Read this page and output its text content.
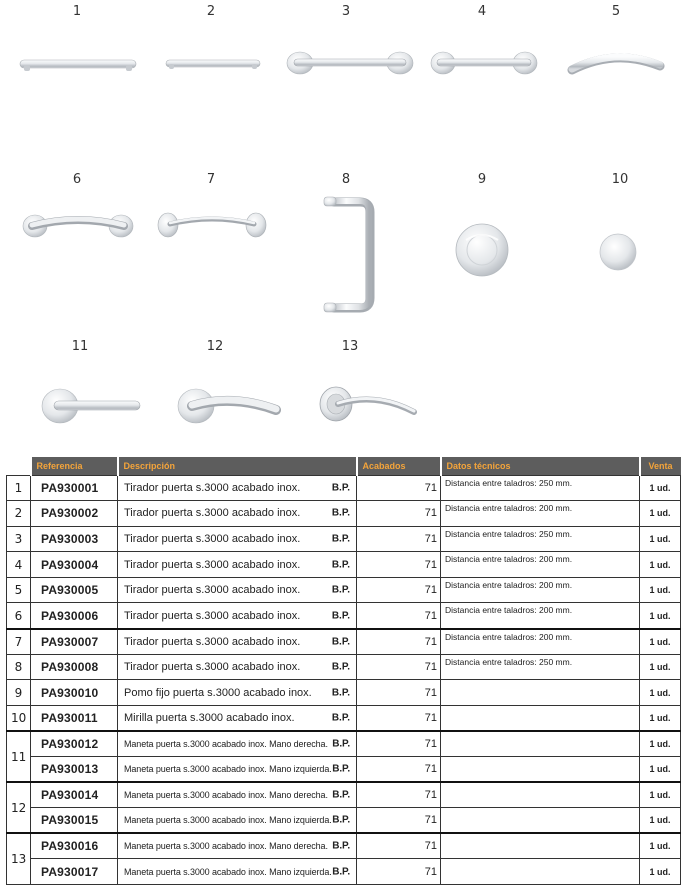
1	2	3	4	5
6	7	8	9	10
11	12	13
	Referencia	Descripción	Acabados	Datos técnicos	Venta
1	PA930001	Tirador puerta s.3000 acabado inox. B.P.	71	Distancia entre taladros: 250 mm.	1 ud.
2	PA930002	Tirador puerta s.3000 acabado inox. B.P.	71	Distancia entre taladros: 200 mm.	1 ud.
3	PA930003	Tirador puerta s.3000 acabado inox. B.P.	71	Distancia entre taladros: 250 mm.	1 ud.
4	PA930004	Tirador puerta s.3000 acabado inox. B.P.	71	Distancia entre taladros: 200 mm.	1 ud.
5	PA930005	Tirador puerta s.3000 acabado inox. B.P.	71	Distancia entre taladros: 200 mm.	1 ud.
6	PA930006	Tirador puerta s.3000 acabado inox. B.P.	71	Distancia entre taladros: 200 mm.	1 ud.
7	PA930007	Tirador puerta s.3000 acabado inox. B.P.	71	Distancia entre taladros: 200 mm.	1 ud.
8	PA930008	Tirador puerta s.3000 acabado inox. B.P.	71	Distancia entre taladros: 250 mm.	1 ud.
9	PA930010	Pomo fijo puerta s.3000 acabado inox. B.P.	71		1 ud.
10	PA930011	Mirilla puerta s.3000 acabado inox. B.P.	71		1 ud.
11	PA930012	Maneta puerta s.3000 acabado inox. Mano derecha. B.P.	71		1 ud.
	PA930013	Maneta puerta s.3000 acabado inox. Mano izquierda. B.P.	71		1 ud.
12	PA930014	Maneta puerta s.3000 acabado inox. Mano derecha. B.P.	71		1 ud.
	PA930015	Maneta puerta s.3000 acabado inox. Mano izquierda. B.P.	71		1 ud.
13	PA930016	Maneta puerta s.3000 acabado inox. Mano derecha. B.P.	71		1 ud.
	PA930017	Maneta puerta s.3000 acabado inox. Mano izquierda. B.P.	71		1 ud.
